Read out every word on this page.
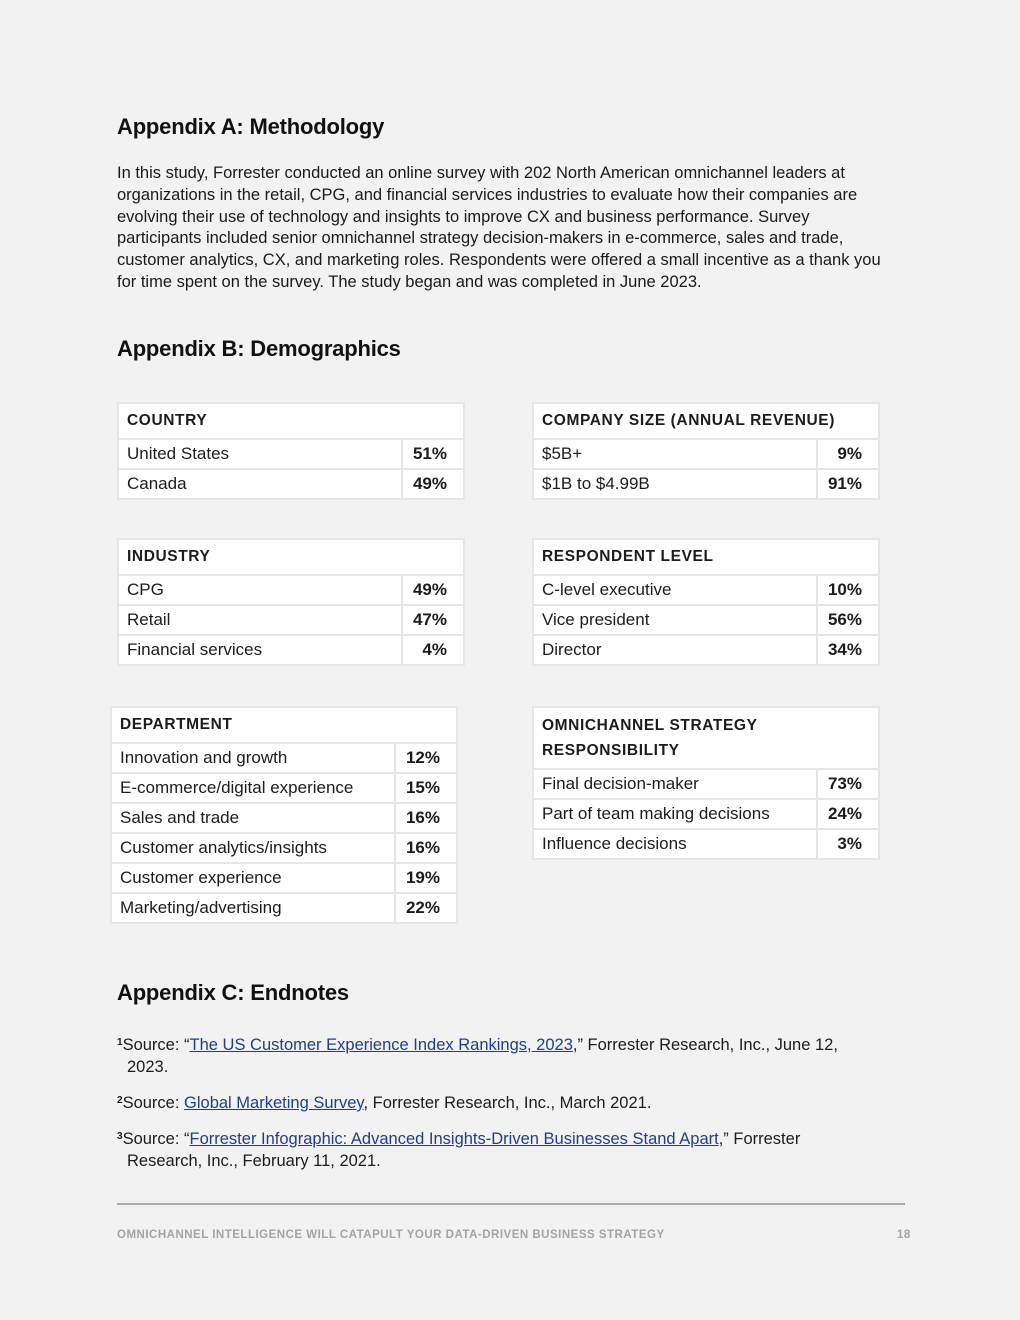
Appendix A: Methodology

In this study, Forrester conducted an online survey with 202 North American omnichannel leaders at organizations in the retail, CPG, and financial services industries to evaluate how their companies are evolving their use of technology and insights to improve CX and business performance. Survey participants included senior omnichannel strategy decision-makers in e-commerce, sales and trade, customer analytics, CX, and marketing roles. Respondents were offered a small incentive as a thank you for time spent on the survey. The study began and was completed in June 2023.

Appendix B: Demographics
COUNTRY	
United States	51%
Canada	49%
COMPANY SIZE (ANNUAL REVENUE)	
$5B+	9%
$1B to $4.99B	91%
INDUSTRY	
CPG	49%
Retail	47%
Financial services	4%
RESPONDENT LEVEL	
C-level executive	10%
Vice president	56%
Director	34%
DEPARTMENT	
Innovation and growth	12%
E-commerce/digital experience	15%
Sales and trade	16%
Customer analytics/insights	16%
Customer experience	19%
Marketing/advertising	22%
OMNICHANNEL STRATEGY
RESPONSIBILITY	
Final decision-maker	73%
Part of team making decisions	24%
Influence decisions	3%
Appendix C: Endnotes

$^1$Source: “The US Customer Experience Index Rankings, 2023,” Forrester Research, Inc., June 12, 2023.

$^2$Source: Global Marketing Survey, Forrester Research, Inc., March 2021.

$^3$Source: “Forrester Infographic: Advanced Insights-Driven Businesses Stand Apart,” Forrester Research, Inc., February 11, 2021.

OMNICHANNEL INTELLIGENCE WILL CATAPULT YOUR DATA-DRIVEN BUSINESS STRATEGY	18
